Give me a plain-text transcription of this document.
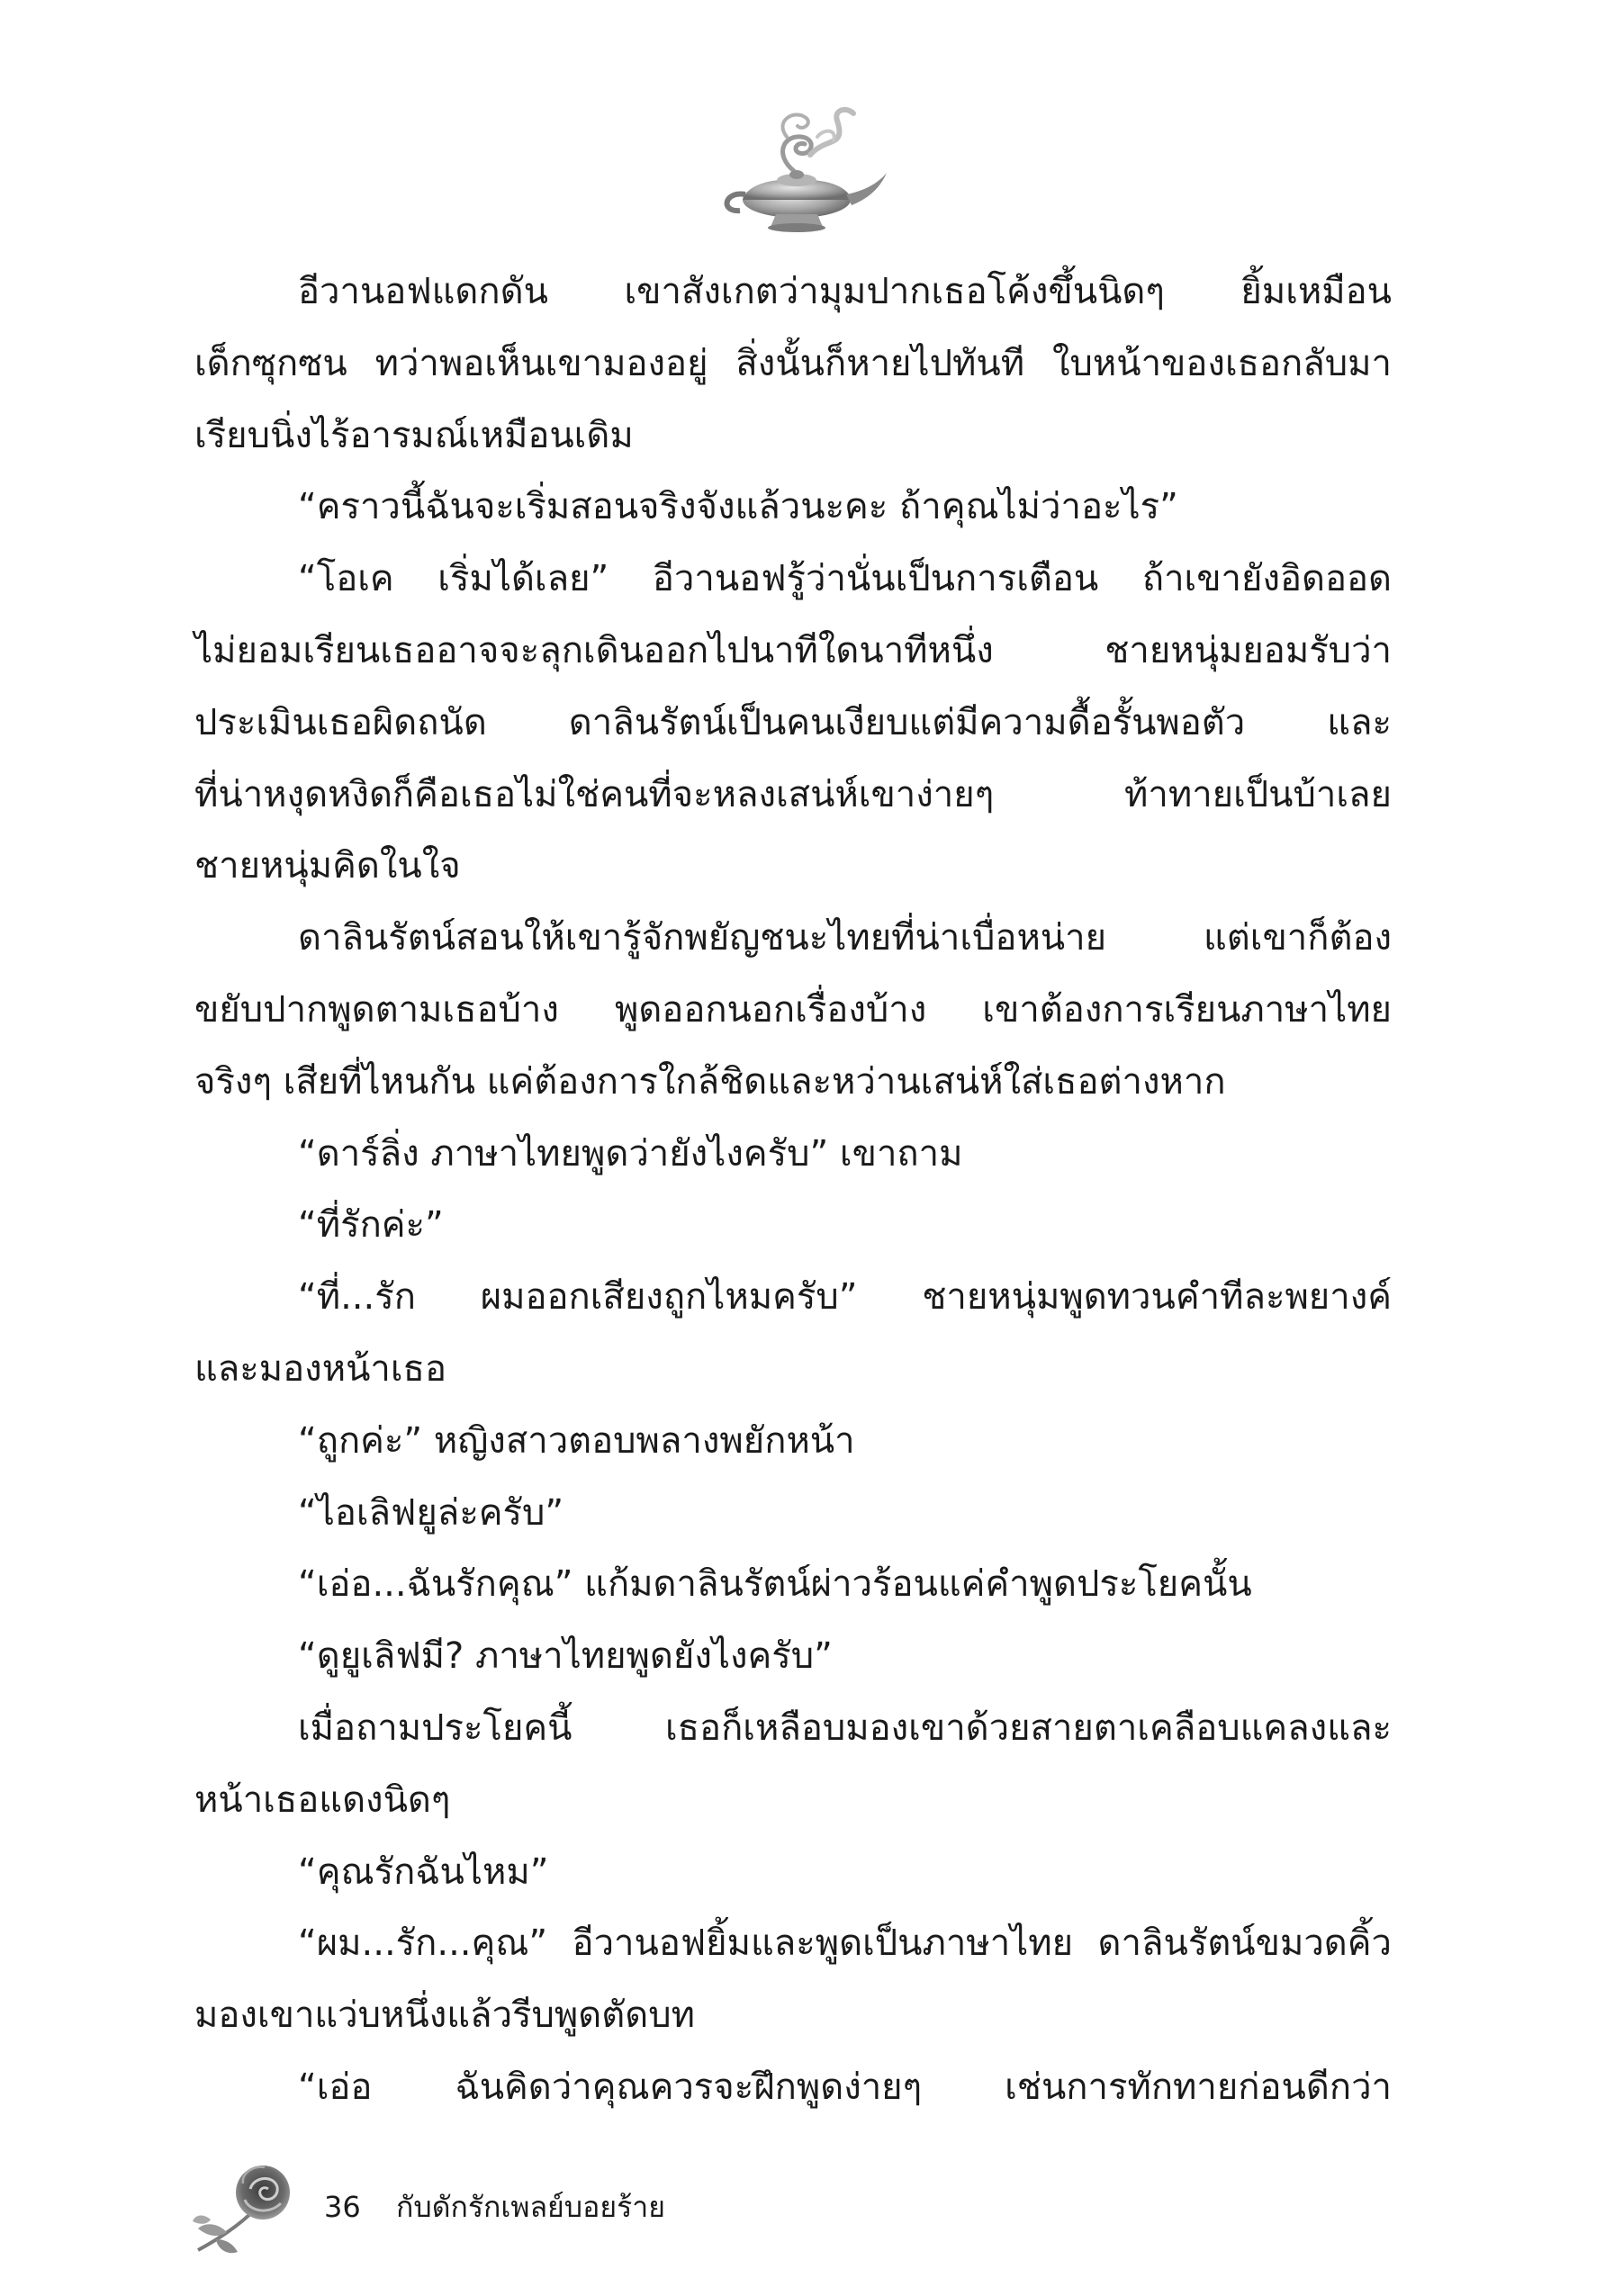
อีวานอฟแดกดัน เขาสังเกตว่ามุมปากเธอโค้งขึ้นนิดๆ ยิ้มเหมือน
เด็กซุกซน ทว่าพอเห็นเขามองอยู่ สิ่งนั้นก็หายไปทันที ใบหน้าของเธอกลับมา
เรียบนิ่งไร้อารมณ์เหมือนเดิม
“คราวนี้ฉันจะเริ่มสอนจริงจังแล้วนะคะ ถ้าคุณไม่ว่าอะไร”
“โอเค เริ่มได้เลย” อีวานอฟรู้ว่านั่นเป็นการเตือน ถ้าเขายังอิดออด
ไม่ยอมเรียนเธออาจจะลุกเดินออกไปนาทีใดนาทีหนึ่ง ชายหนุ่มยอมรับว่า
ประเมินเธอผิดถนัด ดาลินรัตน์เป็นคนเงียบแต่มีความดื้อรั้นพอตัว และ
ที่น่าหงุดหงิดก็คือเธอไม่ใช่คนที่จะหลงเสน่ห์เขาง่ายๆ ท้าทายเป็นบ้าเลย
ชายหนุ่มคิดในใจ
ดาลินรัตน์สอนให้เขารู้จักพยัญชนะไทยที่น่าเบื่อหน่าย แต่เขาก็ต้อง
ขยับปากพูดตามเธอบ้าง พูดออกนอกเรื่องบ้าง เขาต้องการเรียนภาษาไทย
จริงๆ เสียที่ไหนกัน แค่ต้องการใกล้ชิดและหว่านเสน่ห์ใส่เธอต่างหาก
“ดาร์ลิ่ง ภาษาไทยพูดว่ายังไงครับ” เขาถาม
“ที่รักค่ะ”
“ที่...รัก ผมออกเสียงถูกไหมครับ” ชายหนุ่มพูดทวนคำทีละพยางค์
และมองหน้าเธอ
“ถูกค่ะ” หญิงสาวตอบพลางพยักหน้า
“ไอเลิฟยูล่ะครับ”
“เอ่อ...ฉันรักคุณ” แก้มดาลินรัตน์ผ่าวร้อนแค่คำพูดประโยคนั้น
“ดูยูเลิฟมี? ภาษาไทยพูดยังไงครับ”
เมื่อถามประโยคนี้ เธอก็เหลือบมองเขาด้วยสายตาเคลือบแคลงและ
หน้าเธอแดงนิดๆ
“คุณรักฉันไหม”
“ผม...รัก...คุณ” อีวานอฟยิ้มและพูดเป็นภาษาไทย ดาลินรัตน์ขมวดคิ้ว
มองเขาแว่บหนึ่งแล้วรีบพูดตัดบท
“เอ่อ ฉันคิดว่าคุณควรจะฝึกพูดง่ายๆ เช่นการทักทายก่อนดีกว่า
36 กับดักรักเพลย์บอยร้าย
